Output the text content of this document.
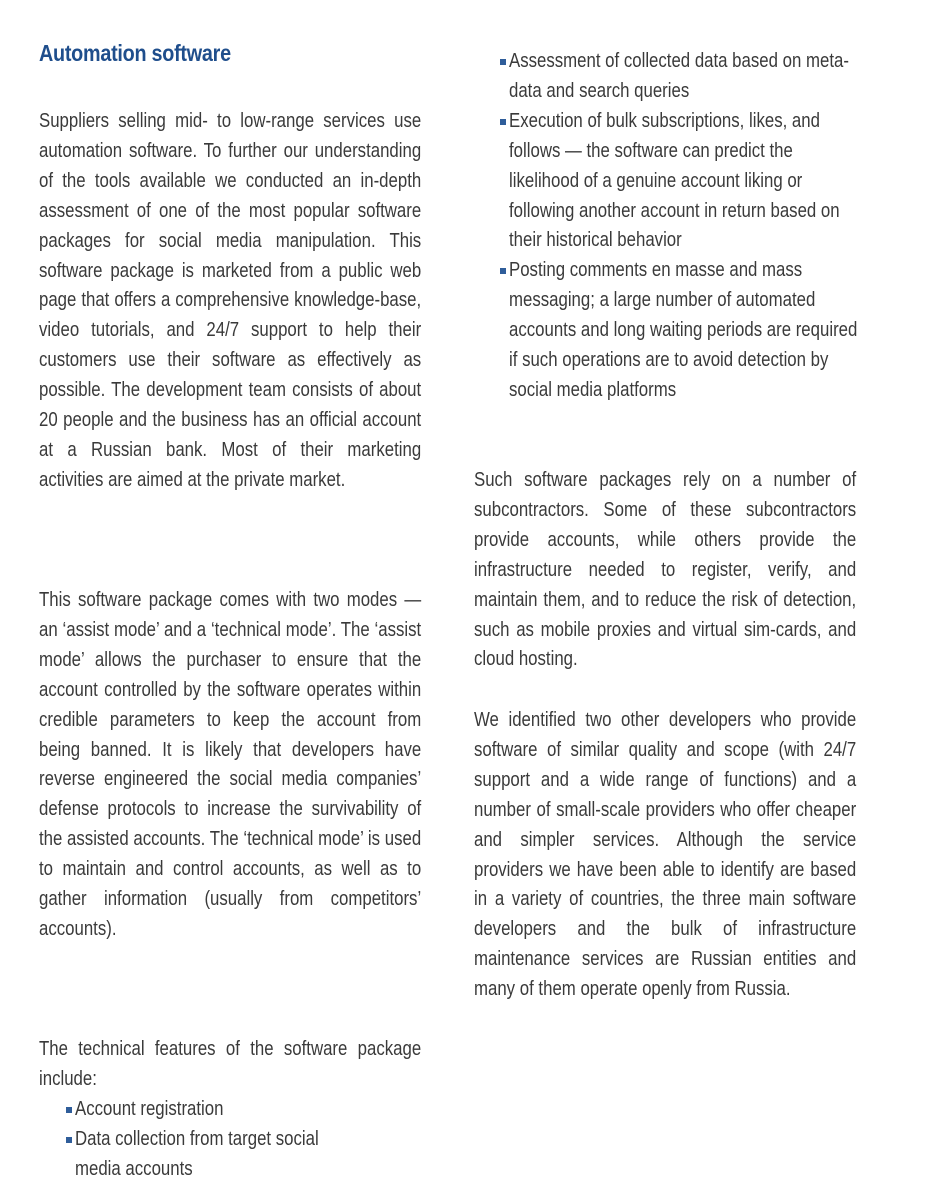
Automation software

Suppliers selling mid- to low-range services use automation software. To further our understanding of the tools available we conducted an in-depth assessment of one of the most popular software packages for social media manipulation. This software package is marketed from a public web page that offers a comprehensive knowledge-base, video tutorials, and 24/7 support to help their customers use their software as effectively as possible. The development team consists of about 20 people and the business has an official account at a Russian bank. Most of their marketing activities are aimed at the private market.

This software package comes with two modes — an ‘assist mode’ and a ‘technical mode’. The ‘assist mode’ allows the purchaser to ensure that the account controlled by the software operates within credible parameters to keep the account from being banned. It is likely that developers have reverse engineered the social media companies’ defense protocols to increase the survivability of the assisted accounts. The ‘technical mode’ is used to maintain and control accounts, as well as to gather information (usually from competitors’ accounts).

The technical features of the software package include:

Account registration
Data collection from target social media accounts
Assessment of collected data based on meta-data and search queries
Execution of bulk subscriptions, likes, and follows — the software can predict the likelihood of a genuine account liking or following another account in return based on their historical behavior
Posting comments en masse and mass messaging; a large number of automated accounts and long waiting periods are required if such operations are to avoid detection by social media platforms

Such software packages rely on a number of subcontractors. Some of these subcontractors provide accounts, while others provide the infrastructure needed to register, verify, and maintain them, and to reduce the risk of detection, such as mobile proxies and virtual sim-cards, and cloud hosting.

We identified two other developers who provide software of similar quality and scope (with 24/7 support and a wide range of functions) and a number of small-scale providers who offer cheaper and simpler services. Although the service providers we have been able to identify are based in a variety of countries, the three main software developers and the bulk of infrastructure maintenance services are Russian entities and many of them operate openly from Russia.
